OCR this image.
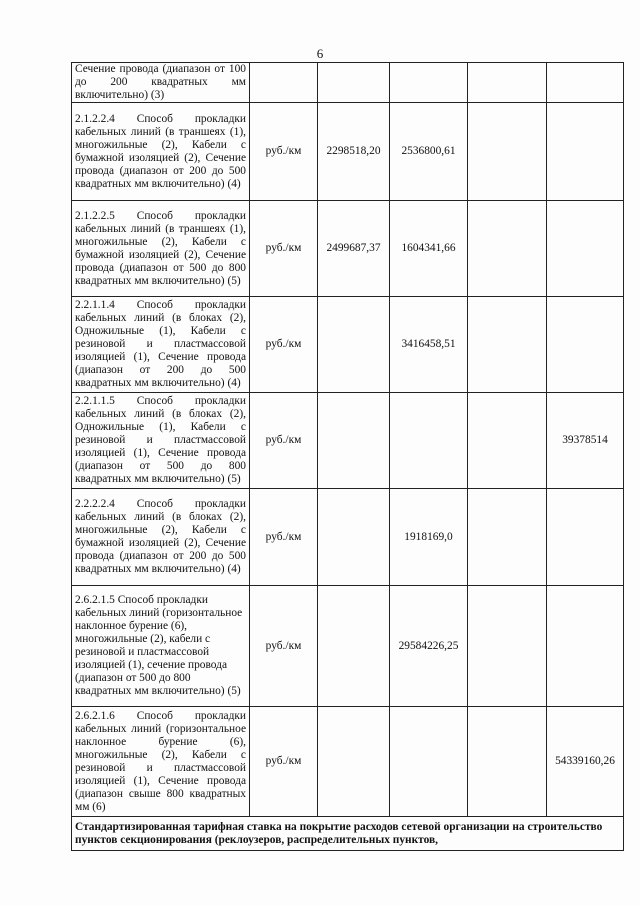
6
Сечение провода (диапазон от 100 до 200 квадратных мм включительно) (3)					
2.1.2.2.4 Способ прокладки кабельных линий (в траншеях (1), многожильные (2), Кабели с бумажной изоляцией (2), Сечение провода (диапазон от 200 до 500 квадратных мм включительно) (4)	руб./км	2298518,20	2536800,61		
2.1.2.2.5 Способ прокладки кабельных линий (в траншеях (1), многожильные (2), Кабели с бумажной изоляцией (2), Сечение провода (диапазон от 500 до 800 квадратных мм включительно) (5)	руб./км	2499687,37	1604341,66		
2.2.1.1.4 Способ прокладки кабельных линий (в блоках (2), Одножильные (1), Кабели с резиновой и пластмассовой изоляцией (1), Сечение провода (диапазон от 200 до 500 квадратных мм включительно) (4)	руб./км		3416458,51		
2.2.1.1.5 Способ прокладки кабельных линий (в блоках (2), Одножильные (1), Кабели с резиновой и пластмассовой изоляцией (1), Сечение провода (диапазон от 500 до 800 квадратных мм включительно) (5)	руб./км				39378514
2.2.2.2.4 Способ прокладки кабельных линий (в блоках (2), многожильные (2), Кабели с бумажной изоляцией (2), Сечение провода (диапазон от 200 до 500 квадратных мм включительно) (4)	руб./км		1918169,0		
2.6.2.1.5 Способ прокладки кабельных линий (горизонтальное наклонное бурение (6), многожильные (2), кабели с резиновой и пластмассовой изоляцией (1), сечение провода (диапазон от 500 до 800 квадратных мм включительно) (5)	руб./км		29584226,25		
2.6.2.1.6 Способ прокладки кабельных линий (горизонтальное наклонное бурение (6), многожильные (2), Кабели с резиновой и пластмассовой изоляцией (1), Сечение провода (диапазон свыше 800 квадратных мм (6)	руб./км				54339160,26
Стандартизированная тарифная ставка на покрытие расходов сетевой организации на строительство пунктов секционирования (реклоузеров, распределительных пунктов,					
